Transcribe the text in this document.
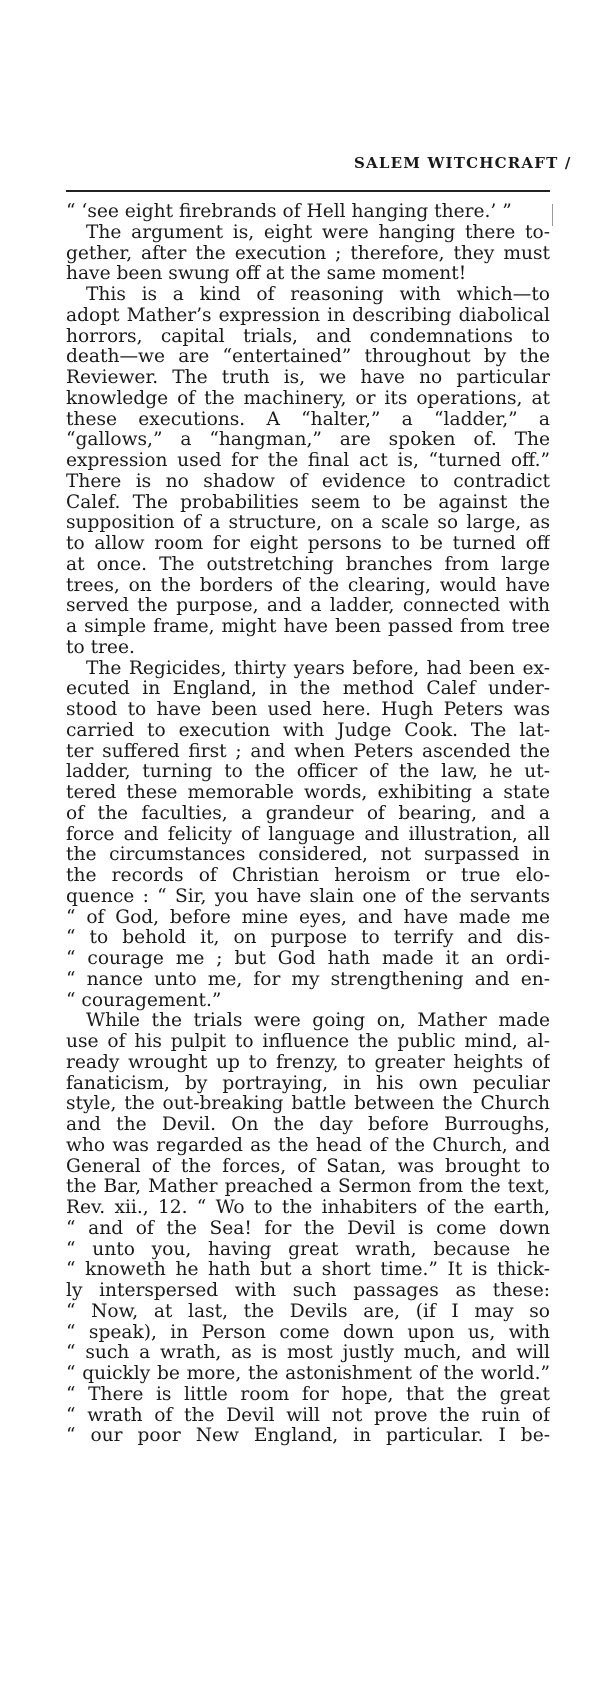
SALEM WITCHCRAFT /
“ ‘see eight firebrands of Hell hanging there.’ ”
The argument is, eight were hanging there to-
gether, after the execution ; therefore, they must
have been swung off at the same moment!
This is a kind of reasoning with which—to
adopt Mather’s expression in describing diabolical
horrors, capital trials, and condemnations to
death—we are “entertained” throughout by the
Reviewer. The truth is, we have no particular
knowledge of the machinery, or its operations, at
these executions. A “halter,” a “ladder,” a
“gallows,” a “hangman,” are spoken of. The
expression used for the final act is, “turned off.”
There is no shadow of evidence to contradict
Calef. The probabilities seem to be against the
supposition of a structure, on a scale so large, as
to allow room for eight persons to be turned off
at once. The outstretching branches from large
trees, on the borders of the clearing, would have
served the purpose, and a ladder, connected with
a simple frame, might have been passed from tree
to tree.
The Regicides, thirty years before, had been ex-
ecuted in England, in the method Calef under-
stood to have been used here. Hugh Peters was
carried to execution with Judge Cook. The lat-
ter suffered first ; and when Peters ascended the
ladder, turning to the officer of the law, he ut-
tered these memorable words, exhibiting a state
of the faculties, a grandeur of bearing, and a
force and felicity of language and illustration, all
the circumstances considered, not surpassed in
the records of Christian heroism or true elo-
quence : “ Sir, you have slain one of the servants
“ of God, before mine eyes, and have made me
“ to behold it, on purpose to terrify and dis-
“ courage me ; but God hath made it an ordi-
“ nance unto me, for my strengthening and en-
“ couragement.”
While the trials were going on, Mather made
use of his pulpit to influence the public mind, al-
ready wrought up to frenzy, to greater heights of
fanaticism, by portraying, in his own peculiar
style, the out-breaking battle between the Church
and the Devil. On the day before Burroughs,
who was regarded as the head of the Church, and
General of the forces, of Satan, was brought to
the Bar, Mather preached a Sermon from the text,
Rev. xii., 12. “ Wo to the inhabiters of the earth,
“ and of the Sea! for the Devil is come down
“ unto you, having great wrath, because he
“ knoweth he hath but a short time.” It is thick-
ly interspersed with such passages as these:
“ Now, at last, the Devils are, (if I may so
“ speak), in Person come down upon us, with
“ such a wrath, as is most justly much, and will
“ quickly be more, the astonishment of the world.”
“ There is little room for hope, that the great
“ wrath of the Devil will not prove the ruin of
“ our poor New England, in particular. I be-
